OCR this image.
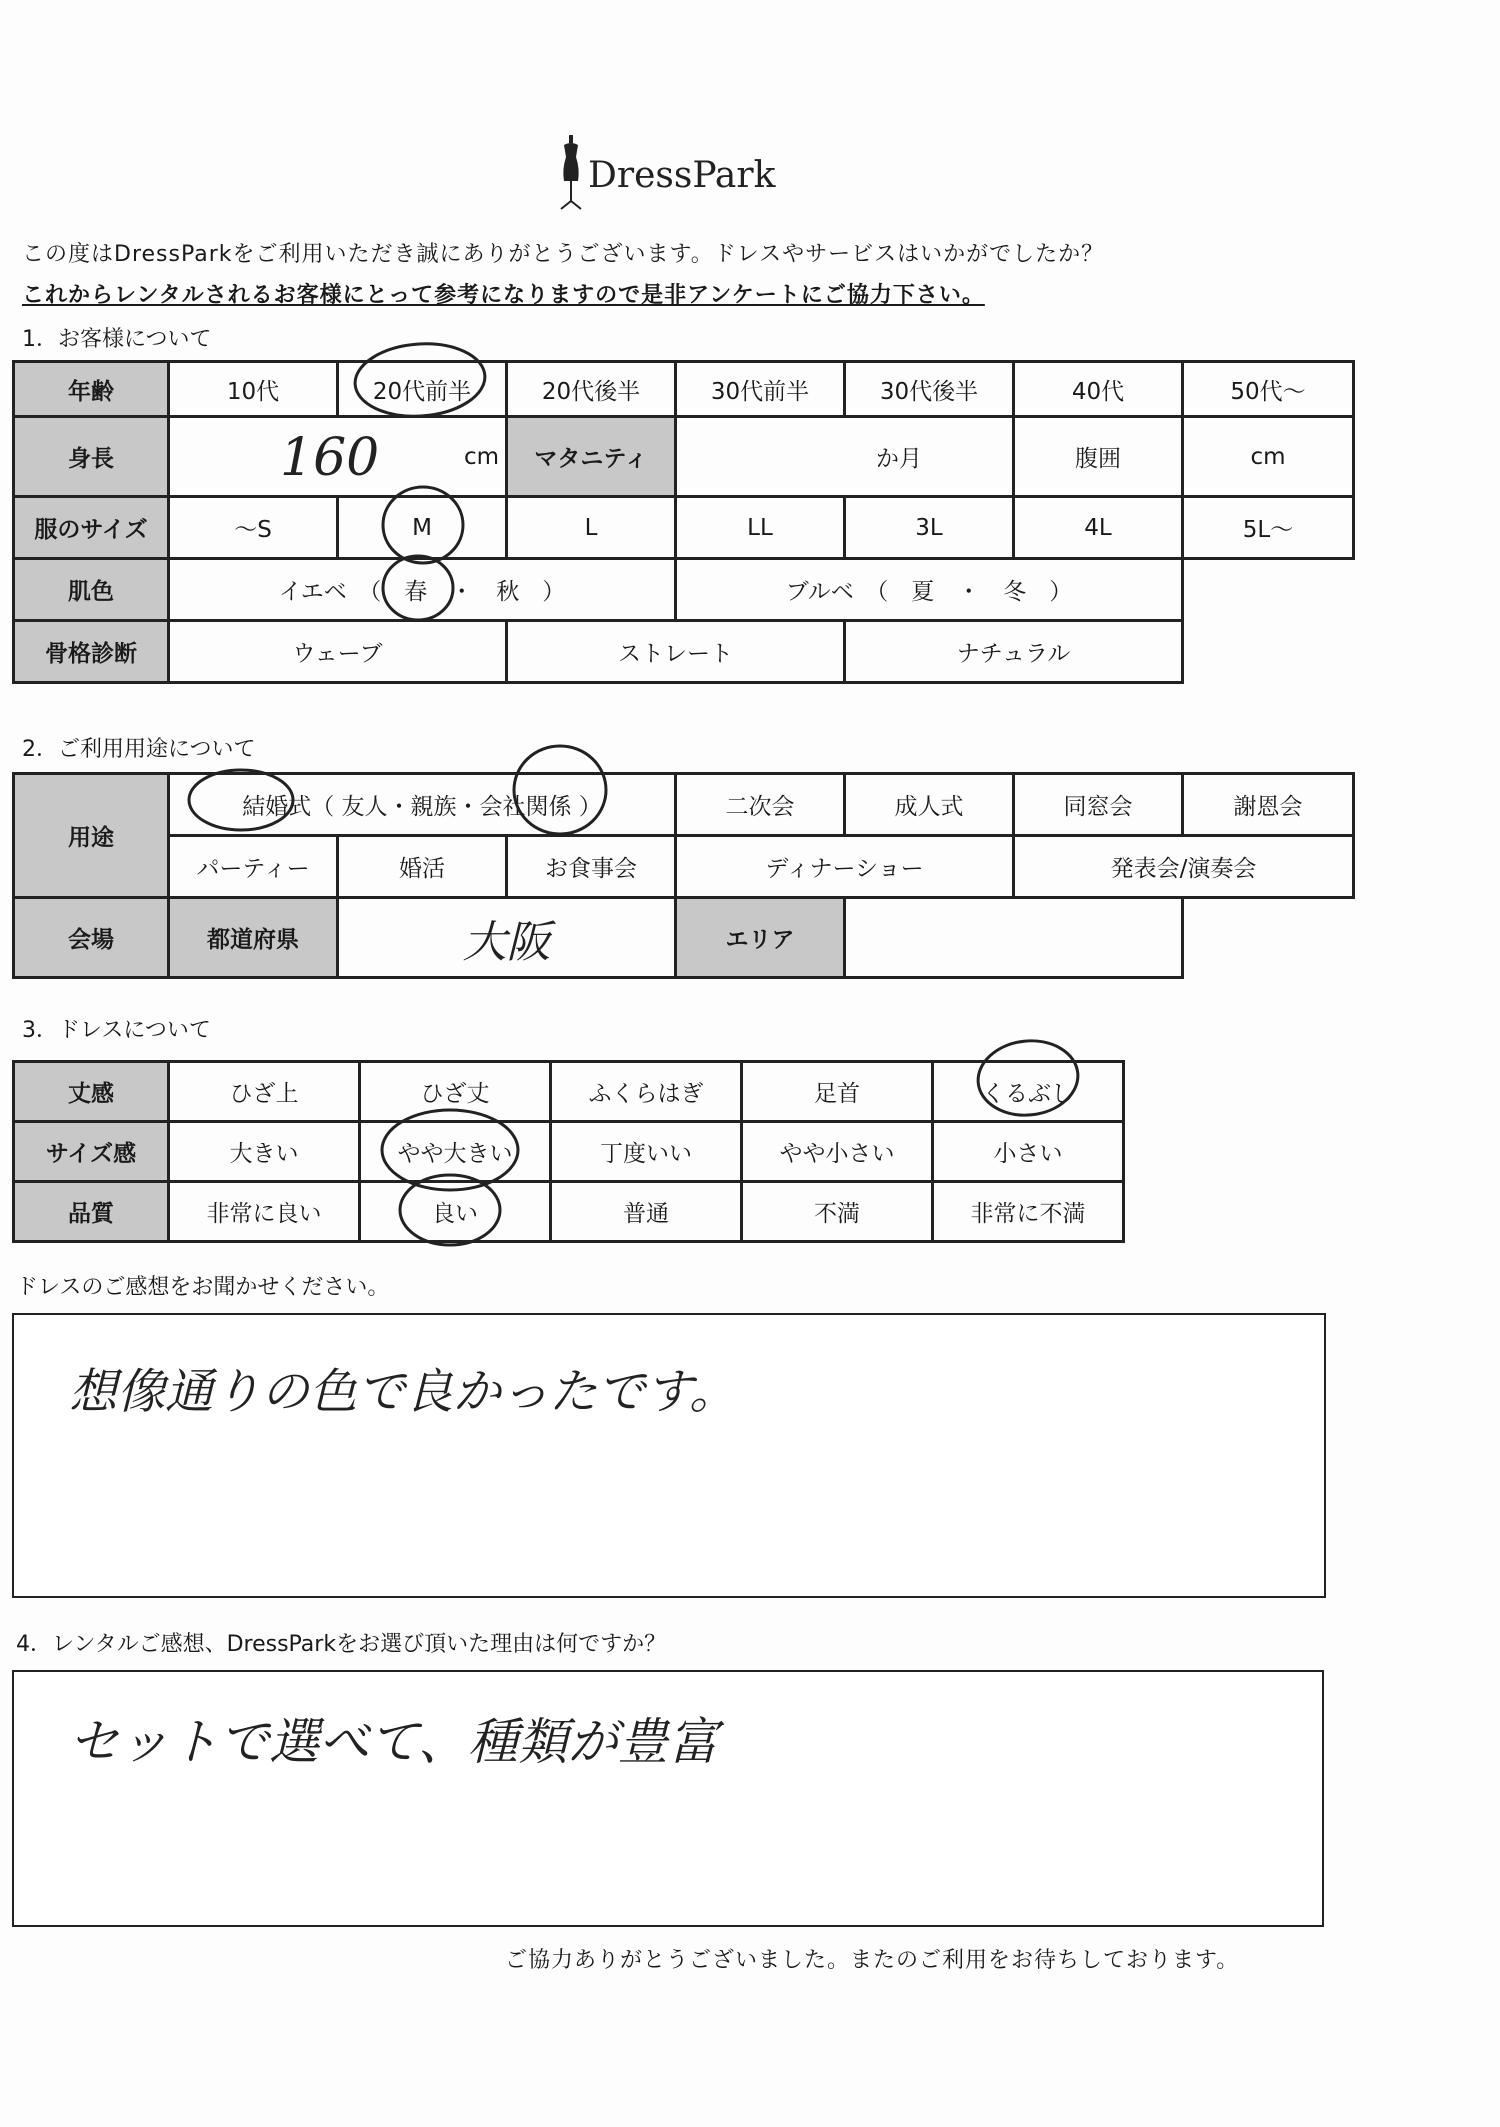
DressPark
この度はDressParkをご利用いただき誠にありがとうございます。ドレスやサービスはいかがでしたか？
これからレンタルされるお客様にとって参考になりますので是非アンケートにご協力下さい。
1．お客様について
年齢	10代	20代前半	20代後半	30代前半	30代後半	40代	50代〜
身長	160 cm		マタニティ	か月		腹囲	cm
服のサイズ	〜S	M	L	LL	3L	4L	5L〜
肌色	イエベ　（　春　・　秋　）			ブルベ　（　夏　・　冬　）			
骨格診断	ウェーブ		ストレート		ナチュラル		
2．ご利用用途について
用途	結婚式（ 友人・親族・会社関係 ）			二次会	成人式	同窓会	謝恩会
	パーティー	婚活	お食事会	ディナーショー		発表会/演奏会	
会場	都道府県	大阪		エリア			
3．ドレスについて
丈感	ひざ上	ひざ丈	ふくらはぎ	足首	くるぶし
サイズ感	大きい	やや大きい	丁度いい	やや小さい	小さい
品質	非常に良い	良い	普通	不満	非常に不満
ドレスのご感想をお聞かせください。
想像通りの色で良かったです。
4．レンタルご感想、DressParkをお選び頂いた理由は何ですか？
セットで選べて、種類が豊富
ご協力ありがとうございました。またのご利用をお待ちしております。
